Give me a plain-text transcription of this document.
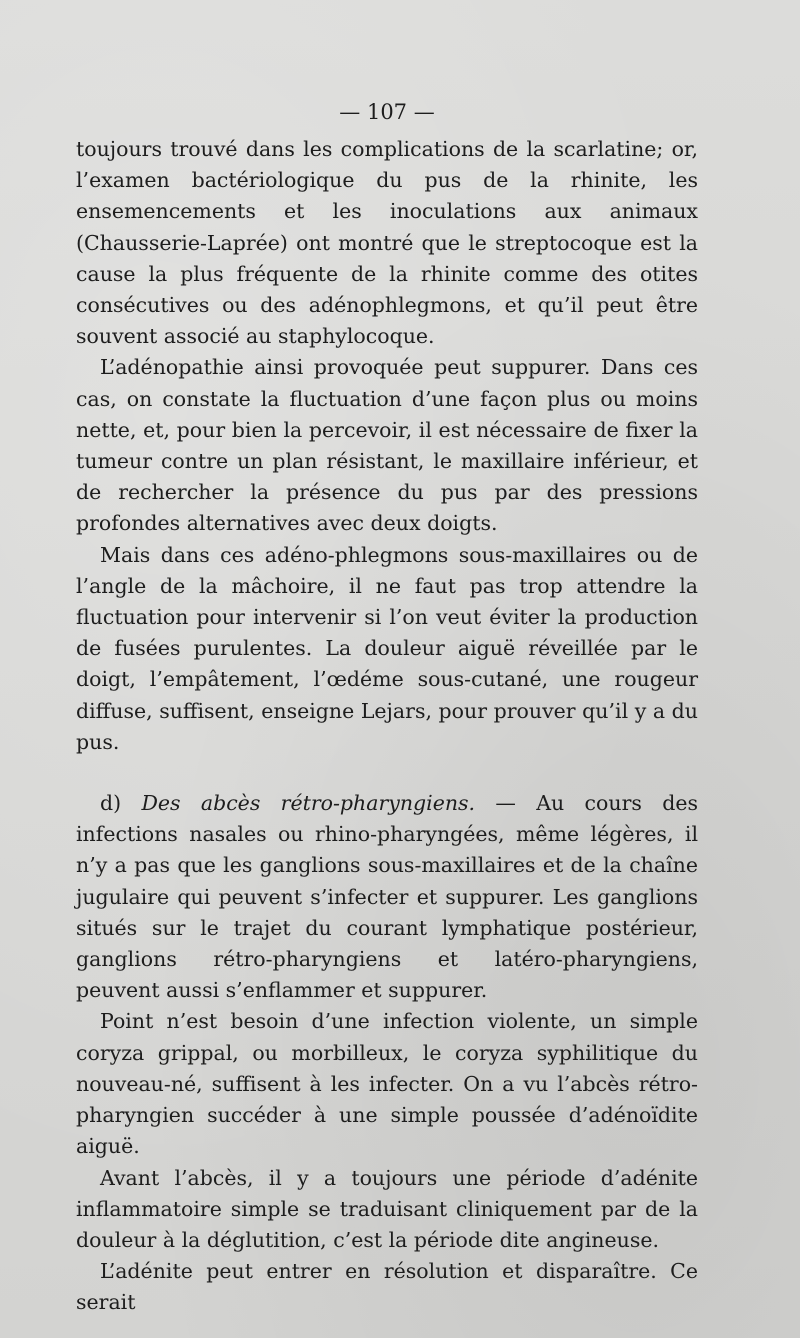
— 107 —

toujours trouvé dans les complications de la scarlatine; or, l’examen bactériologique du pus de la rhinite, les ensemencements et les inoculations aux animaux (Chausserie-Laprée) ont montré que le streptocoque est la cause la plus fréquente de la rhinite comme des otites consécutives ou des adénophlegmons, et qu’il peut être souvent associé au staphylocoque.

L’adénopathie ainsi provoquée peut suppurer. Dans ces cas, on constate la fluctuation d’une façon plus ou moins nette, et, pour bien la percevoir, il est nécessaire de fixer la tumeur contre un plan résistant, le maxillaire inférieur, et de rechercher la présence du pus par des pressions profondes alternatives avec deux doigts.

Mais dans ces adéno-phlegmons sous-maxillaires ou de l’angle de la mâchoire, il ne faut pas trop attendre la fluctuation pour intervenir si l’on veut éviter la production de fusées purulentes. La douleur aiguë réveillée par le doigt, l’empâtement, l’œdéme sous-cutané, une rougeur diffuse, suffisent, enseigne Lejars, pour prouver qu’il y a du pus.

d) Des abcès rétro-pharyngiens. — Au cours des infections nasales ou rhino-pharyngées, même légères, il n’y a pas que les ganglions sous-maxillaires et de la chaîne jugulaire qui peuvent s’infecter et suppurer. Les ganglions situés sur le trajet du courant lymphatique postérieur, ganglions rétro-pharyngiens et latéro-pharyngiens, peuvent aussi s’enflammer et suppurer.

Point n’est besoin d’une infection violente, un simple coryza grippal, ou morbilleux, le coryza syphilitique du nouveau-né, suffisent à les infecter. On a vu l’abcès rétro-pharyngien succéder à une simple poussée d’adénoïdite aiguë.

Avant l’abcès, il y a toujours une période d’adénite inflammatoire simple se traduisant cliniquement par de la douleur à la déglutition, c’est la période dite angineuse.

L’adénite peut entrer en résolution et disparaître. Ce serait
